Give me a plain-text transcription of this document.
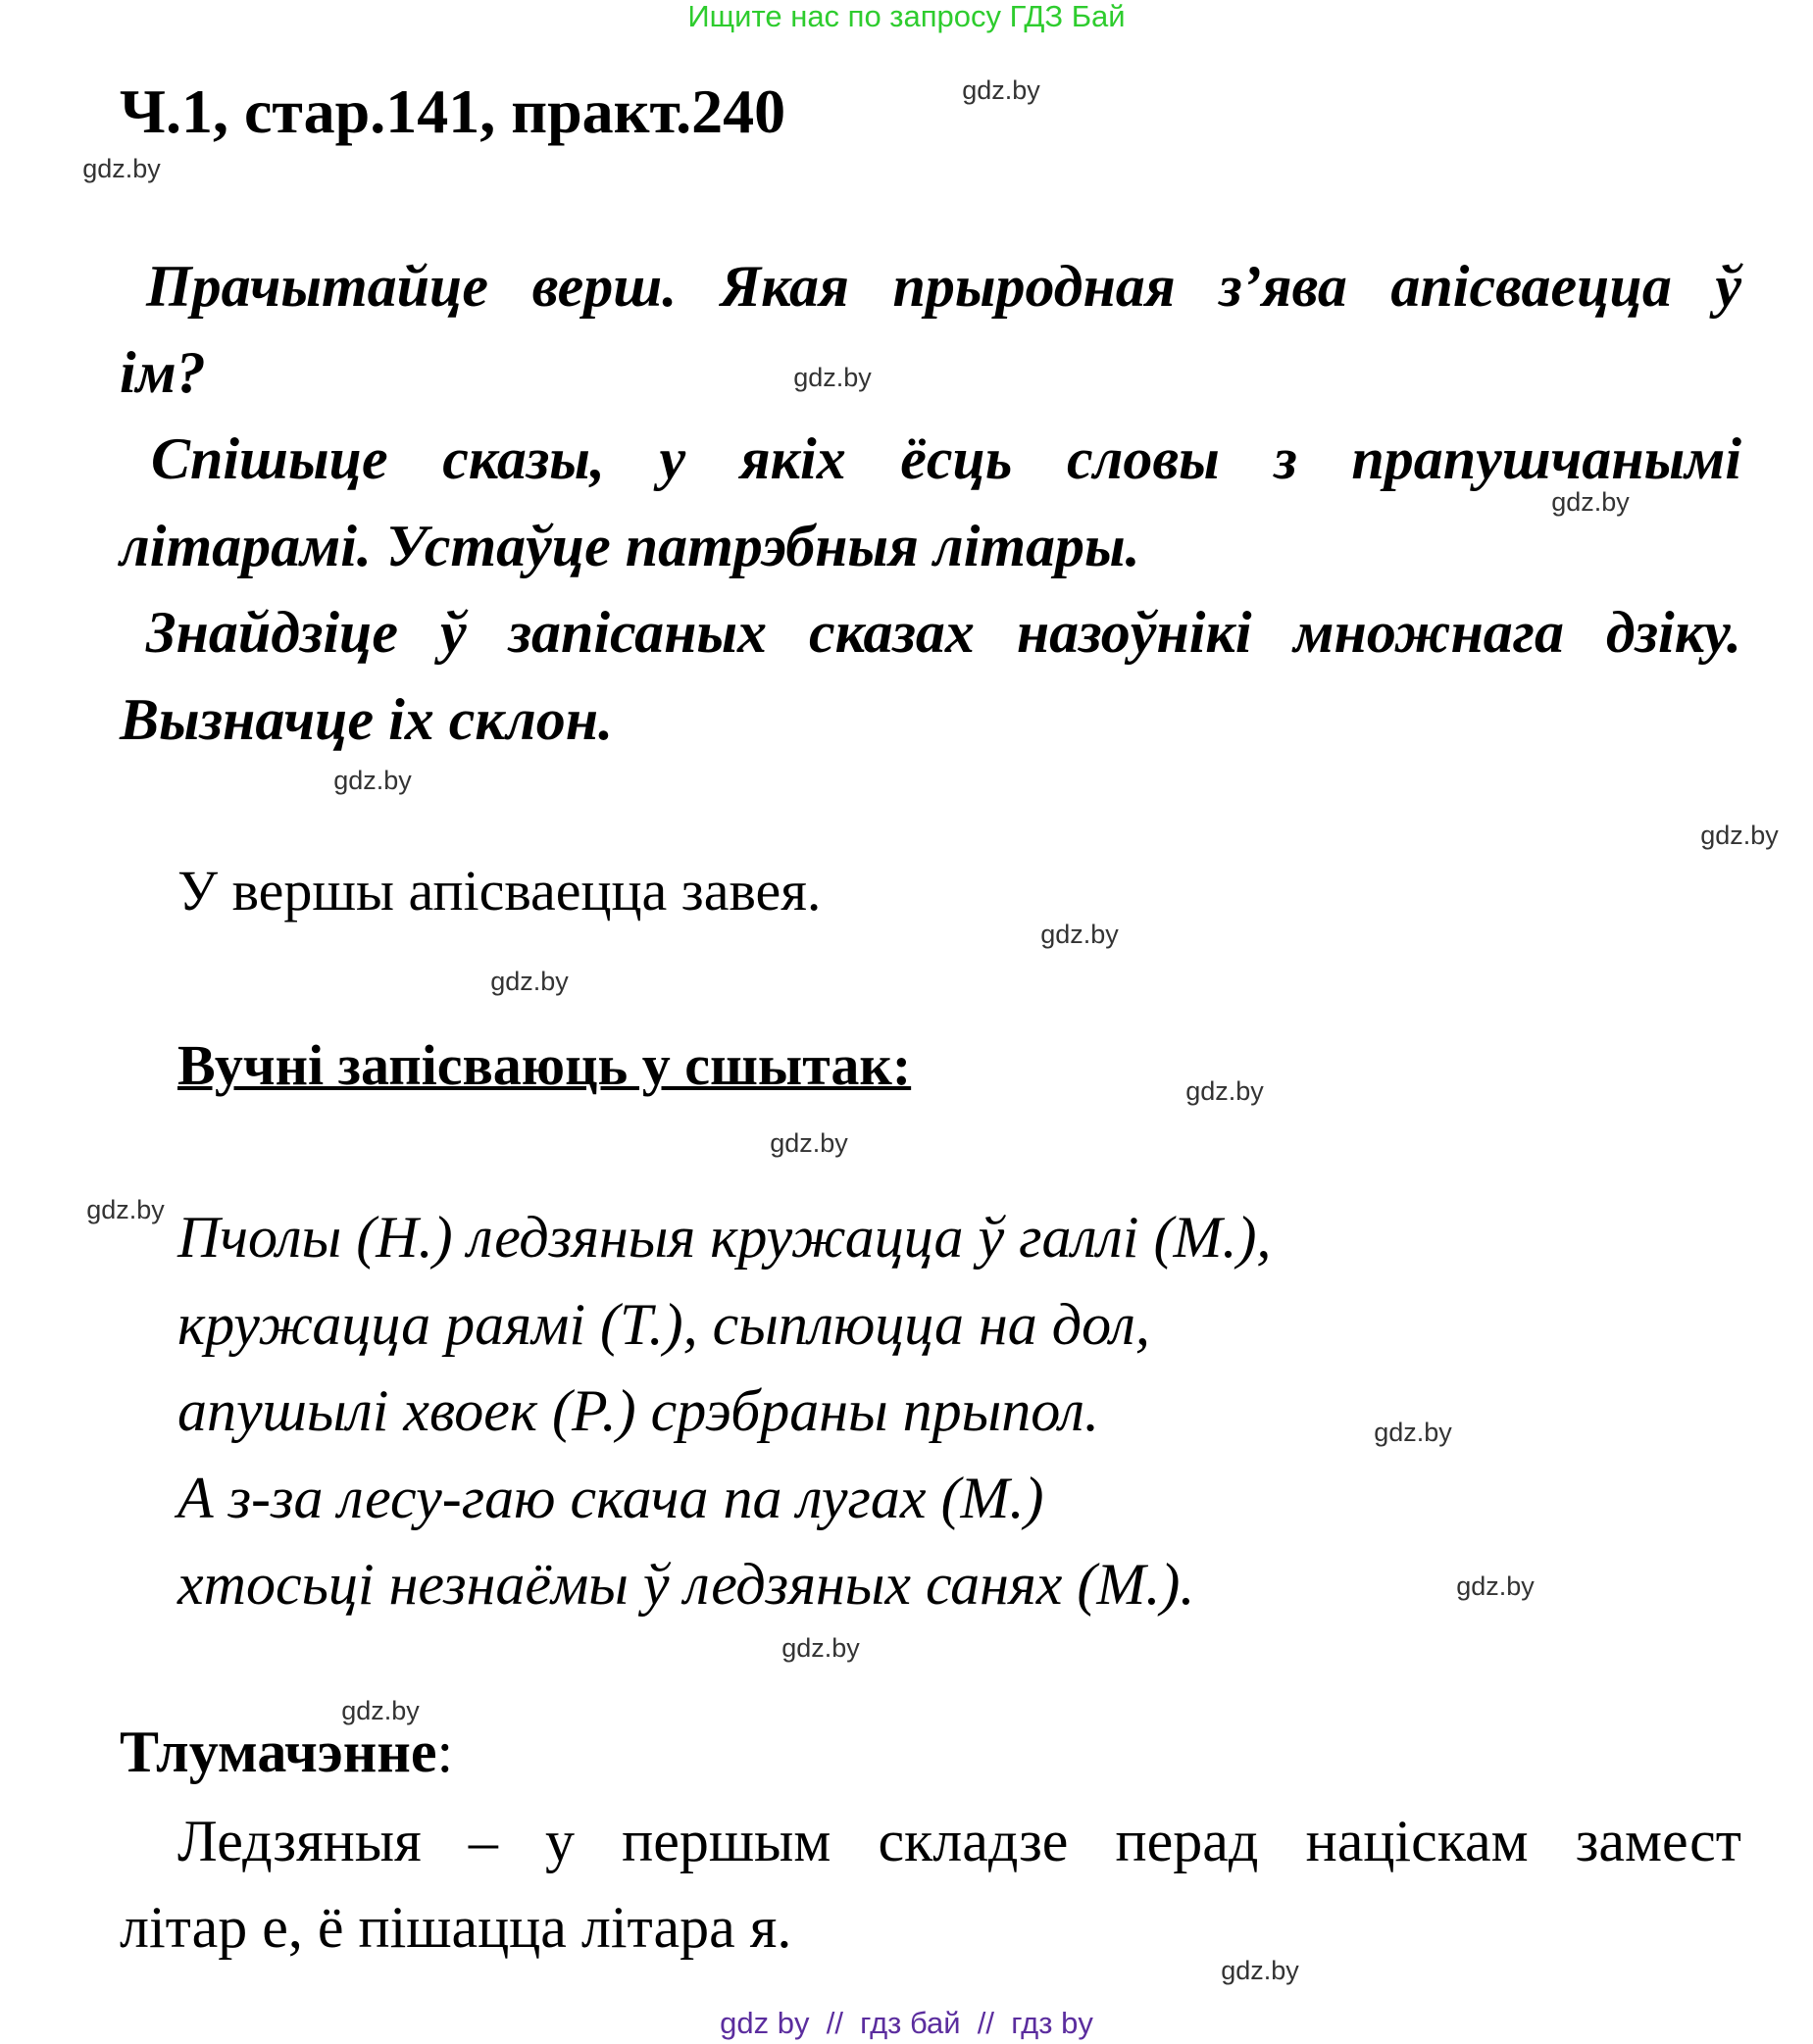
Ищите нас по запросу ГДЗ Бай
Ч.1, стар.141, практ.240
Прачытайце верш. Якая прыродная з’ява апісваецца ў
ім?
Спішыце сказы, у якіх ёсць словы з прапушчанымі
літарамі. Устаўце патрэбныя літары.
Знайдзіце ў запісаных сказах назоўнікі множнага дзіку.
Вызначце іх склон.
У вершы апісваецца завея.
Вучні запісваюць у сшытак:
Пчолы (Н.) ледзяныя кружацца ў галлі (М.),
кружацца раямі (Т.), сыплюцца на дол,
апушылі хвоек (Р.) срэбраны прыпол.
А з-за лесу-гаю скача па лугах (М.)
хтосьці незнаёмы ў ледзяных санях (М.).
Тлумачэнне:
Ледзяныя – у першым складзе перад націскам замест
літар е, ё пішацца літара я.
gdz.by
gdz.by
gdz.by
gdz.by
gdz.by
gdz.by
gdz.by
gdz.by
gdz.by
gdz.by
gdz.by
gdz.by
gdz.by
gdz.by
gdz.by
gdz.by
gdz by  //  гдз бай  //  гдз by
